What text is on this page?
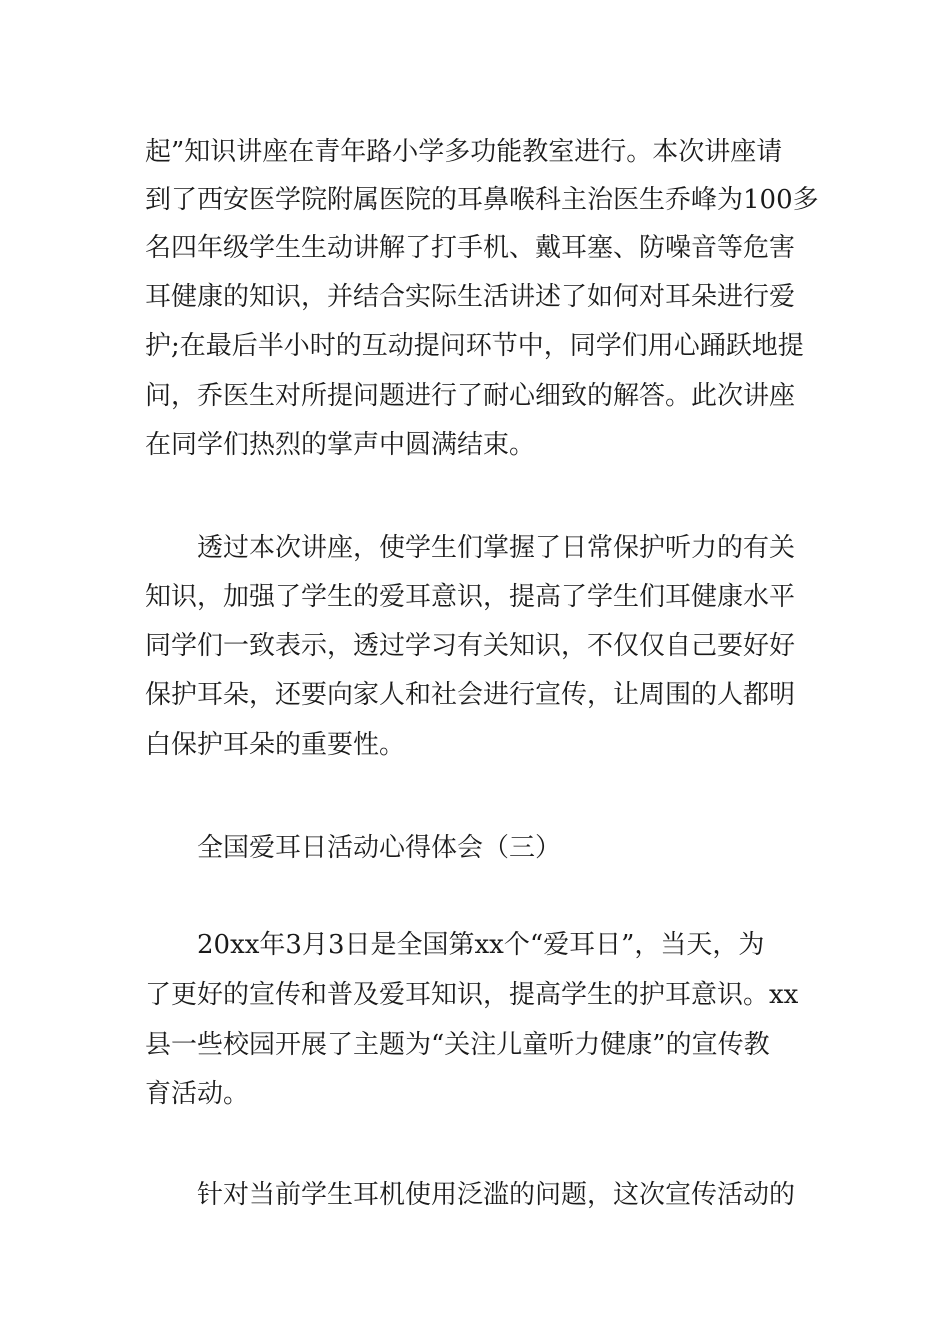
起”知识讲座在青年路小学多功能教室进行。本次讲座请
到了西安医学院附属医院的耳鼻喉科主治医生乔峰为100多
名四年级学生生动讲解了打手机、戴耳塞、防噪音等危害
耳健康的知识，并结合实际生活讲述了如何对耳朵进行爱
护;在最后半小时的互动提问环节中，同学们用心踊跃地提
问，乔医生对所提问题进行了耐心细致的解答。此次讲座
在同学们热烈的掌声中圆满结束。
透过本次讲座，使学生们掌握了日常保护听力的有关
知识，加强了学生的爱耳意识，提高了学生们耳健康水平
同学们一致表示，透过学习有关知识，不仅仅自己要好好
保护耳朵，还要向家人和社会进行宣传，让周围的人都明
白保护耳朵的重要性。
全国爱耳日活动心得体会（三）
20xx年3月3日是全国第xx个“爱耳日”，当天，为
了更好的宣传和普及爱耳知识，提高学生的护耳意识。xx
县一些校园开展了主题为“关注儿童听力健康”的宣传教
育活动。
针对当前学生耳机使用泛滥的问题，这次宣传活动的
